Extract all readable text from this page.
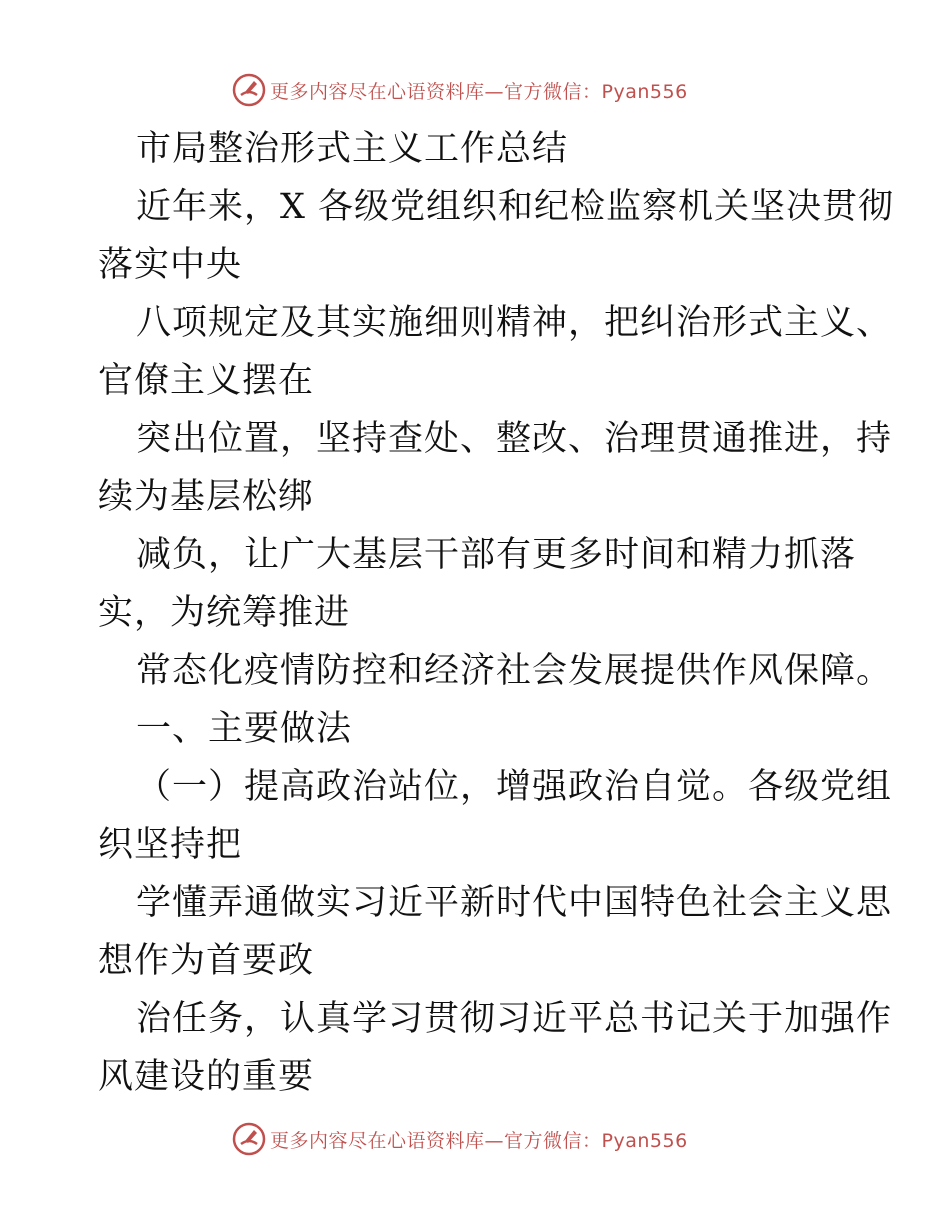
更多内容尽在心语资料库—官方微信：Pyan556
市局整治形式主义工作总结
近年来，X 各级党组织和纪检监察机关坚决贯彻
落实中央
八项规定及其实施细则精神，把纠治形式主义、
官僚主义摆在
突出位置，坚持查处、整改、治理贯通推进，持
续为基层松绑
减负，让广大基层干部有更多时间和精力抓落
实，为统筹推进
常态化疫情防控和经济社会发展提供作风保障。
一、主要做法
（一）提高政治站位，增强政治自觉。各级党组
织坚持把
学懂弄通做实习近平新时代中国特色社会主义思
想作为首要政
治任务，认真学习贯彻习近平总书记关于加强作
风建设的重要
更多内容尽在心语资料库—官方微信：Pyan556
